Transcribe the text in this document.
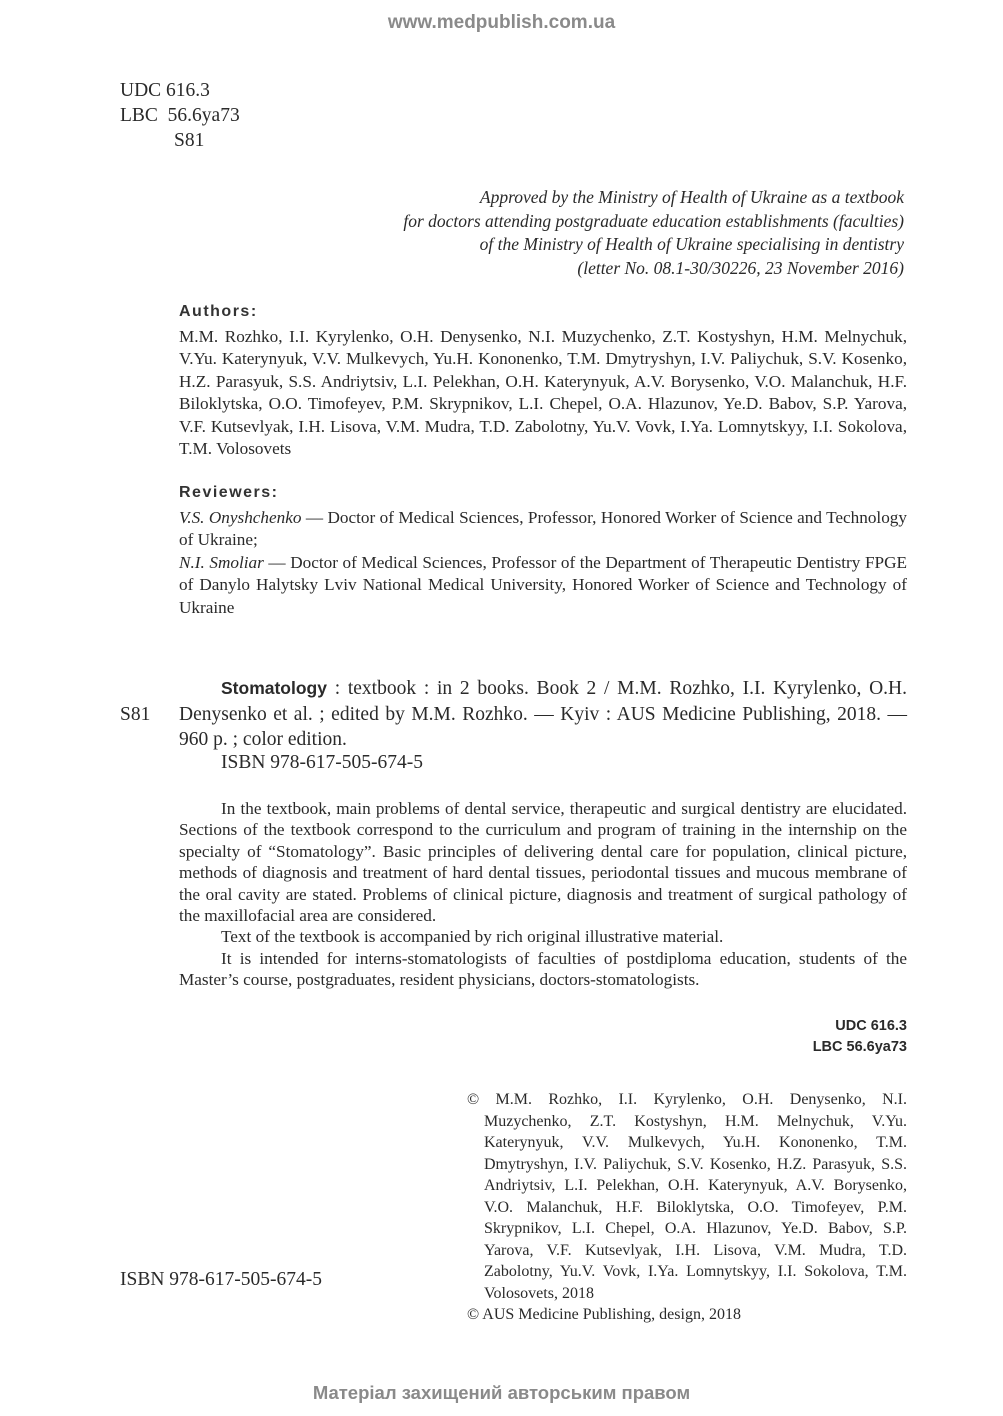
www.medpublish.com.ua
UDC 616.3
LBC  56.6ya73
S81
Approved by the Ministry of Health of Ukraine as a textbook
for doctors attending postgraduate education establishments (faculties)
of the Ministry of Health of Ukraine specialising in dentistry
(letter No. 08.1-30/30226, 23 November 2016)
Authors:
M.M. Rozhko, I.I. Kyrylenko, O.H. Denysenko, N.I. Muzychenko, Z.T. Kostyshyn, H.M. Melnychuk, V.Yu. Katerynyuk, V.V. Mulkevych, Yu.H. Kononenko, T.M. Dmytryshyn, I.V. Paliychuk, S.V. Kosenko, H.Z. Parasyuk, S.S. Andriytsiv, L.I. Pelekhan, O.H. Katerynyuk, A.V. Borysenko, V.O. Malanchuk, H.F. Biloklytska, O.O. Timofeyev, P.M. Skrypnikov, L.I. Chepel, O.A. Hlazunov, Ye.D. Babov, S.P. Yarova, V.F. Kutsevlyak, I.H. Lisova, V.M. Mudra, T.D. Zabolotny, Yu.V. Vovk, I.Ya. Lomnytskyy, I.I. Sokolova, T.M. Volosovets
Reviewers:
V.S. Onyshchenko — Doctor of Medical Sciences, Professor, Honored Worker of Science and Technology of Ukraine;
N.I. Smoliar — Doctor of Medical Sciences, Professor of the Department of Therapeutic Dentistry FPGE of Danylo Halytsky Lviv National Medical University, Honored Worker of Science and Technology of Ukraine
S81
Stomatology : textbook : in 2 books. Book 2 / M.M. Rozhko, I.I. Kyrylenko, O.H. Denysenko et al. ; edited by M.M. Rozhko. — Kyiv : AUS Medicine Publishing, 2018. — 960 p. ; color edition.
ISBN 978-617-505-674-5

In the textbook, main problems of dental service, therapeutic and surgical dentistry are elucidated. Sections of the textbook correspond to the curriculum and program of training in the internship on the specialty of “Stomatology”. Basic principles of delivering dental care for population, clinical picture, methods of diagnosis and treatment of hard dental tissues, periodontal tissues and mucous membrane of the oral cavity are stated. Problems of clinical picture, diagnosis and treatment of surgical pathology of the maxillofacial area are considered.

Text of the textbook is accompanied by rich original illustrative material.

It is intended for interns-stomatologists of faculties of postdiploma education, students of the Master’s course, postgraduates, resident physicians, doctors-stomatologists.

UDC 616.3
LBC 56.6ya73

© M.M. Rozhko, I.I. Kyrylenko, O.H. Denysenko, N.I. Muzychenko, Z.T. Kostyshyn, H.M. Melnychuk, V.Yu. Katerynyuk, V.V. Mulkevych, Yu.H. Kononenko, T.M. Dmytryshyn, I.V. Paliychuk, S.V. Kosenko, H.Z. Parasyuk, S.S. Andriytsiv, L.I. Pelekhan, O.H. Katerynyuk, A.V. Borysenko, V.O. Malanchuk, H.F. Biloklytska, O.O. Timofeyev, P.M. Skrypnikov, L.I. Chepel, O.A. Hlazunov, Ye.D. Babov, S.P. Yarova, V.F. Kutsevlyak, I.H. Lisova, V.M. Mudra, T.D. Zabolotny, Yu.V. Vovk, I.Ya. Lomnytskyy, I.I. Sokolova, T.M. Volosovets, 2018

© AUS Medicine Publishing, design, 2018

ISBN 978-617-505-674-5
Матеріал захищений авторським правом
